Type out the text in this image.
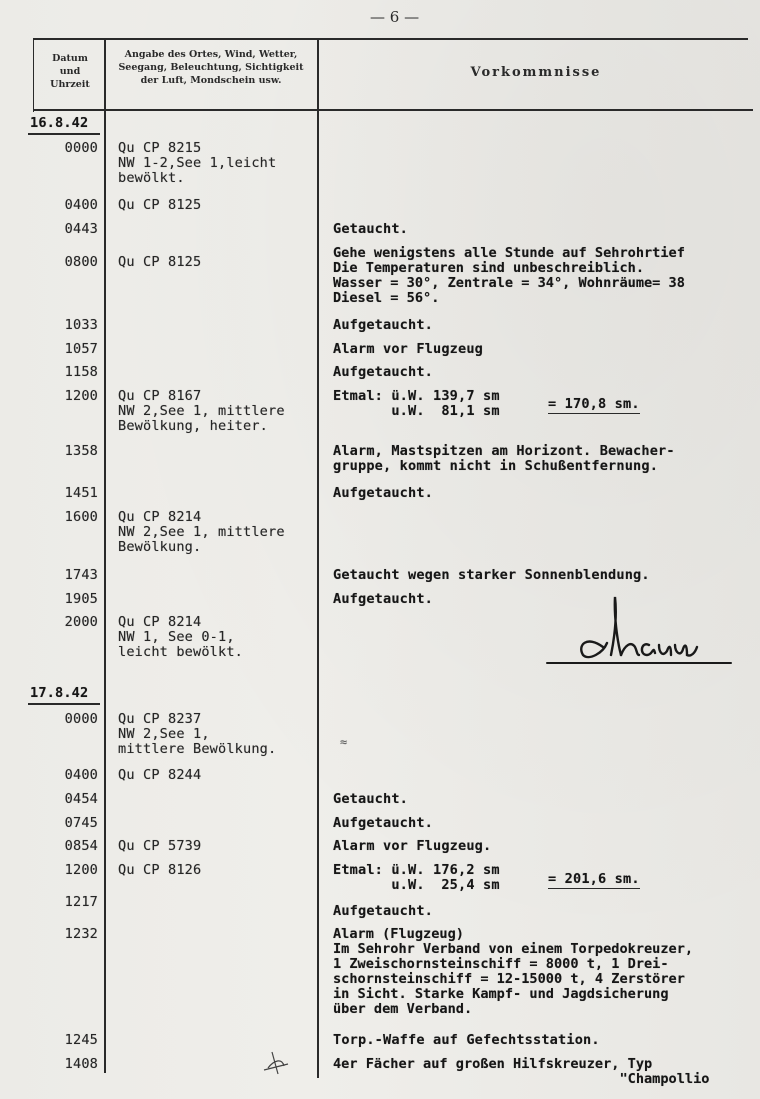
— 6 —
Datum
und
Uhrzeit
Angabe des Ortes, Wind, Wetter,
Seegang, Beleuchtung, Sichtigkeit
der Luft, Mondschein usw.
Vorkommnisse
16.8.42
17.8.42
0000
0400
0443
0800
1033
1057
1158
1200
1358
1451
1600
1743
1905
2000
0000
0400
0454
0745
0854
1200
1217
1232
1245
1408
Qu CP 8215
NW 1-2,See 1,leicht
bewölkt.
Qu CP 8125
Qu CP 8125
Qu CP 8167
NW 2,See 1, mittlere
Bewölkung, heiter.
Qu CP 8214
NW 2,See 1, mittlere
Bewölkung.
Qu CP 8214
NW 1, See 0-1,
leicht bewölkt.
Qu CP 8237
NW 2,See 1,
mittlere Bewölkung.
Qu CP 8244
Qu CP 5739
Qu CP 8126
Getaucht.
Gehe wenigstens alle Stunde auf Sehrohrtief
Die Temperaturen sind unbeschreiblich.
Wasser = 30°, Zentrale = 34°, Wohnräume= 38
Diesel = 56°.
Aufgetaucht.
Alarm vor Flugzeug
Aufgetaucht.
Etmal: ü.W. 139,7 sm
u.W.  81,1 sm
Alarm, Mastspitzen am Horizont. Bewacher-
gruppe, kommt nicht in Schußentfernung.
Aufgetaucht.
Getaucht wegen starker Sonnenblendung.
Aufgetaucht.
Getaucht.
Aufgetaucht.
Alarm vor Flugzeug.
Etmal: ü.W. 176,2 sm
u.W.  25,4 sm
Aufgetaucht.
Alarm (Flugzeug)
Im Sehrohr Verband von einem Torpedokreuzer,
1 Zweischornsteinschiff = 8000 t, 1 Drei-
schornsteinschiff = 12-15000 t, 4 Zerstörer
in Sicht. Starke Kampf- und Jagdsicherung
über dem Verband.
Torp.-Waffe auf Gefechtsstation.
4er Fächer auf großen Hilfskreuzer, Typ
"Champollio
= 170,8 sm.
= 201,6 sm.
≈
